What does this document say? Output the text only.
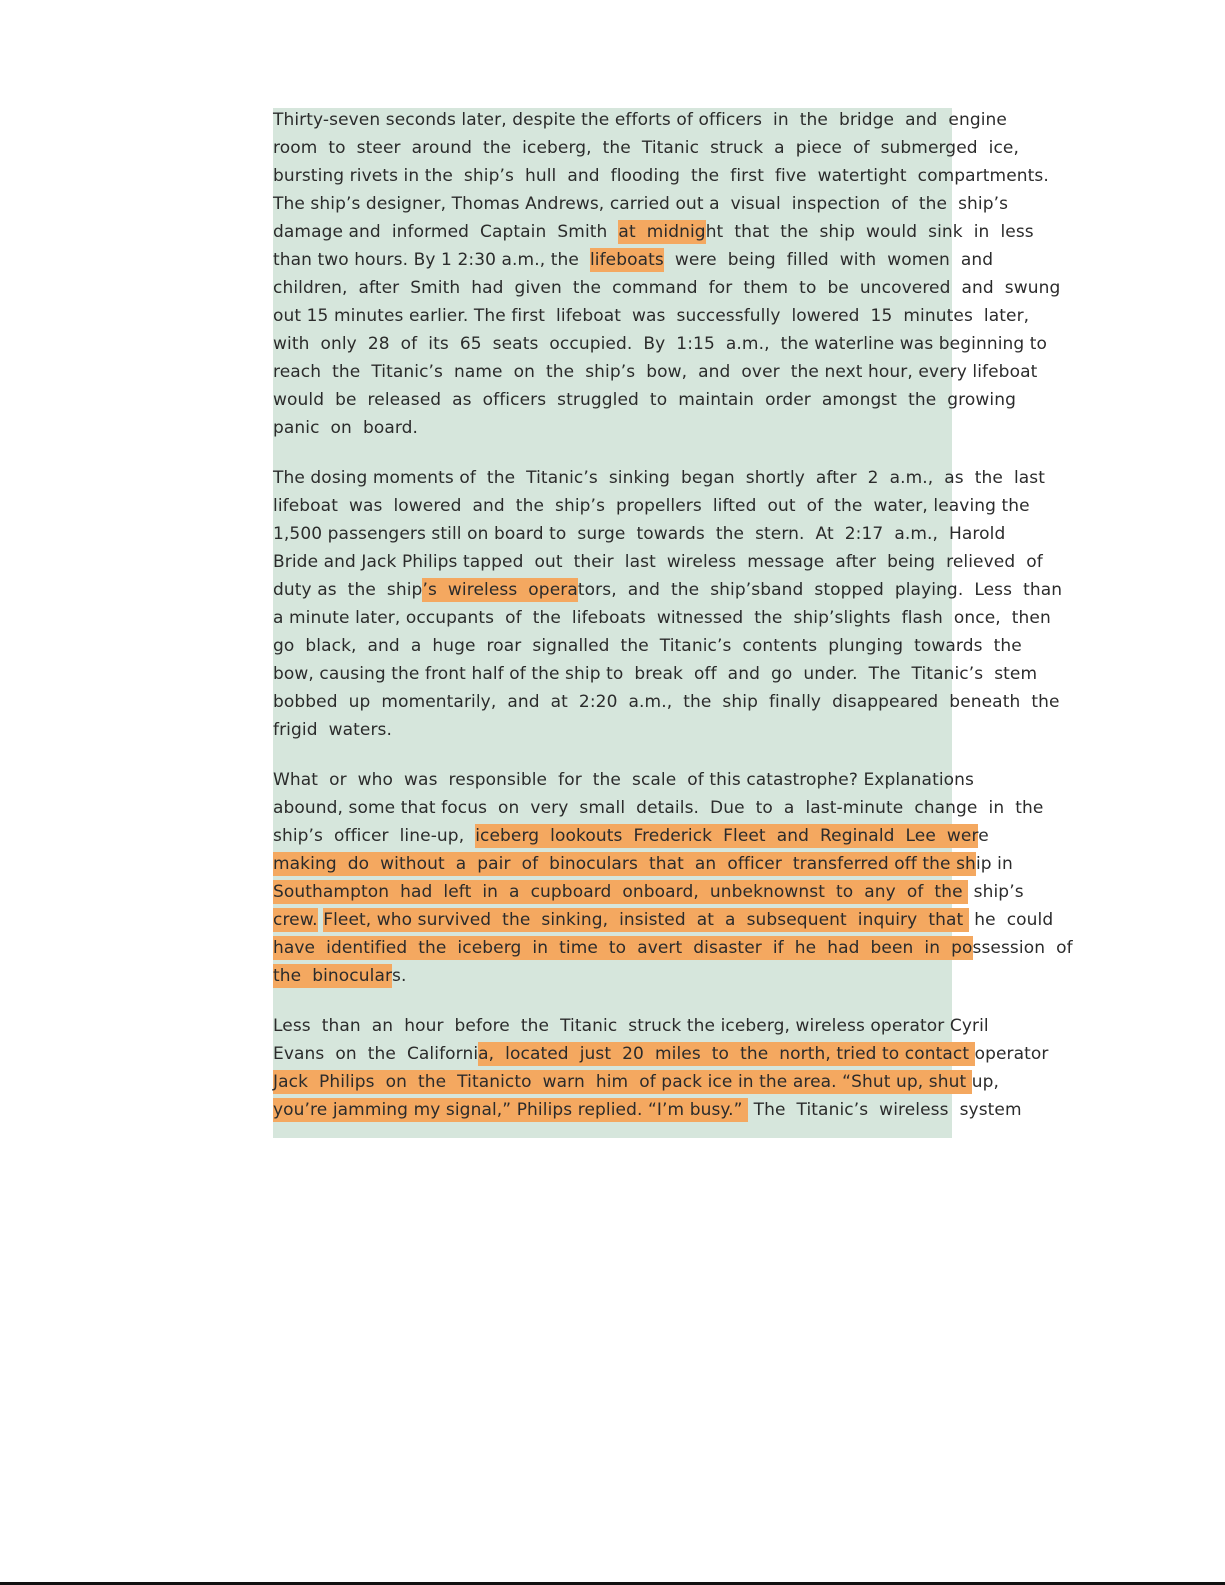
Thirty-seven seconds later, despite the efforts of officers  in  the  bridge  and  engine
room  to  steer  around  the  iceberg,  the  Titanic  struck  a  piece  of  submerged  ice,
bursting rivets in the  ship’s  hull  and  flooding  the  first  five  watertight  compartments.
The ship’s designer, Thomas Andrews, carried out a  visual  inspection  of  the  ship’s
damage and  informed  Captain  Smith  at  midnight  that  the  ship  would  sink  in  less
than two hours. By 1 2:30 a.m., the  lifeboats  were  being  filled  with  women  and
children,  after  Smith  had  given  the  command  for  them  to  be  uncovered  and  swung
out 15 minutes earlier. The first  lifeboat  was  successfully  lowered  15  minutes  later,
with  only  28  of  its  65  seats  occupied.  By  1:15  a.m.,  the waterline was beginning to
reach  the  Titanic’s  name  on  the  ship’s  bow,  and  over  the next hour, every lifeboat
would  be  released  as  officers  struggled  to  maintain  order  amongst  the  growing
panic  on  board.
The dosing moments of  the  Titanic’s  sinking  began  shortly  after  2  a.m.,  as  the  last
lifeboat  was  lowered  and  the  ship’s  propellers  lifted  out  of  the  water, leaving the
1,500 passengers still on board to  surge  towards  the  stern.  At  2:17  a.m.,  Harold
Bride and Jack Philips tapped  out  their  last  wireless  message  after  being  relieved  of
duty as  the  ship’s  wireless  operators,  and  the  ship’sband  stopped  playing.  Less  than
a minute later, occupants  of  the  lifeboats  witnessed  the  ship’slights  flash  once,  then
go  black,  and  a  huge  roar  signalled  the  Titanic’s  contents  plunging  towards  the
bow, causing the front half of the ship to  break  off  and  go  under.  The  Titanic’s  stem
bobbed  up  momentarily,  and  at  2:20  a.m.,  the  ship  finally  disappeared  beneath  the
frigid  waters.
What  or  who  was  responsible  for  the  scale  of this catastrophe? Explanations
abound, some that focus  on  very  small  details.  Due  to  a  last-minute  change  in  the
ship’s  officer  line-up,  iceberg  lookouts  Frederick  Fleet  and  Reginald  Lee  were
making  do  without  a  pair  of  binoculars  that  an  officer  transferred off the ship in
Southampton  had  left  in  a  cupboard  onboard,  unbeknownst  to  any  of  the  ship’s
crew. Fleet, who survived  the  sinking,  insisted  at  a  subsequent  inquiry  that  he  could
have  identified  the  iceberg  in  time  to  avert  disaster  if  he  had  been  in  possession  of
the  binoculars.
Less  than  an  hour  before  the  Titanic  struck the iceberg, wireless operator Cyril
Evans  on  the  California,  located  just  20  miles  to  the  north, tried to contact operator
Jack  Philips  on  the  Titanicto  warn  him  of pack ice in the area. “Shut up, shut up,
you’re jamming my signal,” Philips replied. “I’m busy.”  The  Titanic’s  wireless  system
